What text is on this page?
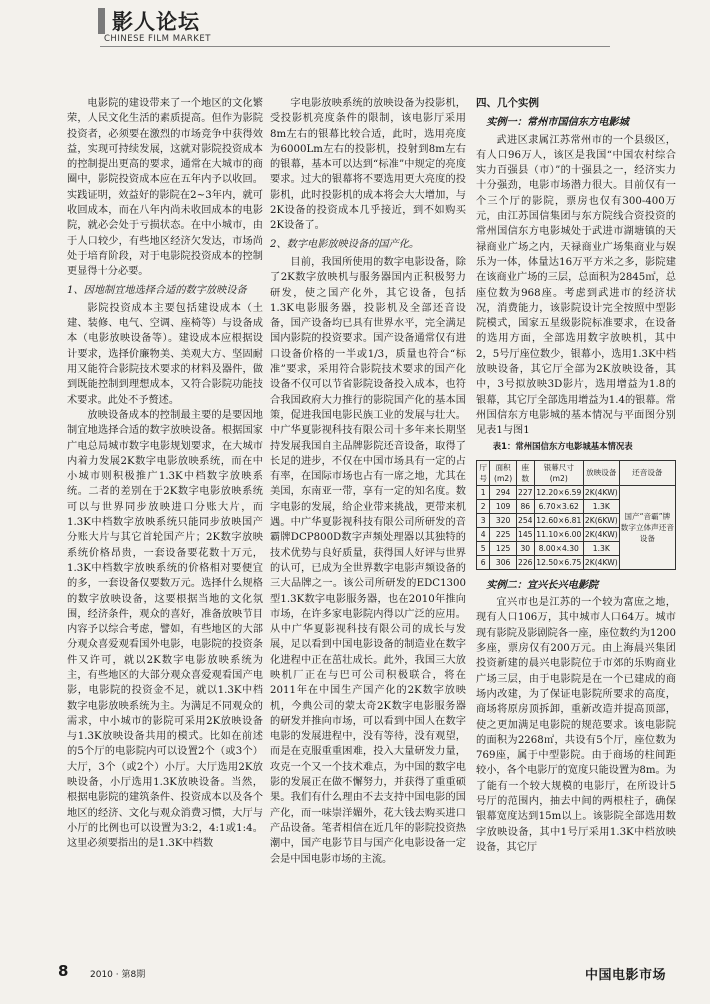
影人论坛
CHINESE FILM MARKET

电影院的建设带来了一个地区的文化繁荣，人民文化生活的素质提高。但作为影院投资者，必须要在激烈的市场竞争中获得效益，实现可持续发展，这就对影院投资成本的控制提出更高的要求，通常在大城市的商圈中，影院投资成本应在五年内予以收回。实践证明，效益好的影院在2~3年内，就可收回成本，而在八年内尚未收回成本的电影院，就必会处于亏损状态。在中小城市，由于人口较少，有些地区经济欠发达，市场尚处于培育阶段，对于电影院投资成本的控制更显得十分必要。

1、因地制宜地选择合适的数字放映设备

影院投资成本主要包括建设成本（土建、装修、电气、空调、座椅等）与设备成本（电影放映设备等）。建设成本应根据设计要求，选择价廉物美、美观大方、坚固耐用又能符合影院技术要求的材料及器件，做到既能控制到理想成本，又符合影院功能技术要求。此处不予赘述。

放映设备成本的控制最主要的是要因地制宜地选择合适的数字放映设备。根据国家广电总局城市数字电影规划要求，在大城市内着力发展2K数字电影放映系统，而在中小城市则积极推广1.3K中档数字放映系统。二者的差别在于2K数字电影放映系统可以与世界同步放映进口分账大片，而1.3K中档数字放映系统只能同步放映国产分账大片与其它首轮国产片；2K数字放映系统价格昂贵，一套设备要花数十万元，1.3K中档数字放映系统的价格相对要便宜的多，一套设备仅要数万元。选择什么规格的数字放映设备，这要根据当地的文化氛围，经济条件，观众的喜好，准备放映节目内容予以综合考虑，譬如，有些地区的大部分观众喜爱观看国外电影，电影院的投资条件又许可，就以2K数字电影放映系统为主，有些地区的大部分观众喜爱观看国产电影，电影院的投资金不足，就以1.3K中档数字电影放映系统为主。为满足不同观众的需求，中小城市的影院可采用2K放映设备与1.3K放映设备共用的模式。比如在前述的5个厅的电影院内可以设置2个（或3个）大厅，3个（或2个）小厅。大厅选用2K放映设备，小厅选用1.3K放映设备。当然，根据电影院的建筑条件、投资成本以及各个地区的经济、文化与观众消费习惯，大厅与小厅的比例也可以设置为3:2，4:1或1:4。这里必须要指出的是1.3K中档数

字电影放映系统的放映设备为投影机，受投影机亮度条件的限制，该电影厅采用8m左右的银幕比较合适，此时，选用亮度为6000Lm左右的投影机，投射到8m左右的银幕，基本可以达到“标准”中规定的亮度要求。过大的银幕将不要选用更大亮度的投影机，此时投影机的成本将会大大增加，与2K设备的投资成本几乎接近，到不如购买2K设备了。

2、数字电影放映设备的国产化。

目前，我国所使用的数字电影设备，除了2K数字放映机与服务器国内正积极努力研发，使之国产化外，其它设备，包括1.3K电影服务器，投影机及全部还音设备，国产设备均已具有世界水平，完全满足国内影院的投资要求。国产设备通常仅有进口设备价格的一半或1/3，质量也符合“标准”要求，采用符合影院技术要求的国产化设备不仅可以节省影院设备投入成本，也符合我国政府大力推行的影院国产化的基本国策，促进我国电影民族工业的发展与壮大。中广华夏影视科技有限公司十多年来长期坚持发展我国自主品牌影院还音设备，取得了长足的进步，不仅在中国市场具有一定的占有率，在国际市场也占有一席之地，尤其在美国，东南亚一带，享有一定的知名度。数字电影的发展，给企业带来挑战，更带来机遇。中广华夏影视科技有限公司所研发的音霸牌DCP800D数字声频处理器以其独特的技术优势与良好质量，获得国人好评与世界的认可，已成为全世界数字电影声频设备的三大品牌之一。该公司所研发的EDC1300型1.3K数字电影服务器，也在2010年推向市场，在许多家电影院内得以广泛的应用。从中广华夏影视科技有限公司的成长与发展，足以看到中国电影设备的制造业在数字化进程中正在茁壮成长。此外，我国三大放映机厂正在与巴可公司积极联合，将在2011年在中国生产国产化的2K数字放映机，今典公司的蒙太奇2K数字电影服务器的研发并推向市场，可以看到中国人在数字电影的发展进程中，没有等待，没有观望，而是在克服重重困难，投入大量研发力量，攻克一个又一个技术难点，为中国的数字电影的发展正在做不懈努力，并获得了重重硕果。我们有什么理由不去支持中国电影的国产化，而一味崇洋媚外，花大钱去购买进口产品设备。笔者相信在近几年的影院投资热潮中，国产电影节目与国产化电影设备一定会是中国电影市场的主流。

四、几个实例

实例一：常州市国信东方电影城

武进区隶属江苏常州市的一个县级区，有人口96万人，该区是我国“中国农村综合实力百强县（市）”的十强县之一，经济实力十分强劲，电影市场潜力很大。目前仅有一个三个厅的影院，票房也仅有300-400万元，由江苏国信集团与东方院线合资投资的常州国信东方电影城处于武进市湖塘镇的天禄商业广场之内，天禄商业广场集商业与娱乐为一体，体量达16万平方米之多，影院建在该商业广场的三层，总面积为2845㎡，总座位数为968座。考虑到武进市的经济状况，消费能力，该影院设计完全按照中型影院模式，国家五星级影院标准要求，在设备的选用方面，全部选用数字放映机，其中2，5号厅座位数少，银幕小，选用1.3K中档放映设备，其它厅全部为2K放映设备，其中，3号拟放映3D影片，选用增益为1.8的银幕，其它厅全部选用增益为1.4的银幕。常州国信东方电影城的基本情况与平面图分别见表1与图1

表1：常州国信东方电影城基本情况表

厅号	面积(m2)	座数	银幕尺寸(m2)	放映设备	还音设备
1	294	227	12.20×6.59	2K(4KW)	国产“音霸”牌数字立体声还音设备
2	109	86	6.70×3.62	1.3K	
3	320	254	12.60×6.81	2K(6KW)	
4	225	145	11.10×6.00	2K(4KW)	
5	125	30	8.00×4.30	1.3K	
6	306	226	12.50×6.75	2K(4KW)	

实例二：宜兴长兴电影院

宜兴市也是江苏的一个较为富庶之地，现有人口106万，其中城市人口64万。城市现有影院及影剧院各一座，座位数约为1200多座，票房仅有200万元。由上海晨兴集团投资新建的晨兴电影院位于市郊的乐购商业广场三层，由于电影院是在一个已建成的商场内改建，为了保证电影院所要求的高度，商场将原房顶拆卸，重新改造并提高顶部，使之更加满足电影院的规范要求。该电影院的面积为2268㎡，共设有5个厅，座位数为769座，属于中型影院。由于商场的柱间距较小，各个电影厅的宽度只能设置为8m。为了能有一个较大规模的电影厅，在所设计5号厅的范围内，抽去中间的两根柱子，确保银幕宽度达到15m以上。该影院全部选用数字放映设备，其中1号厅采用1.3K中档放映设备，其它厅

8 2010 · 第8期	中国电影市场
